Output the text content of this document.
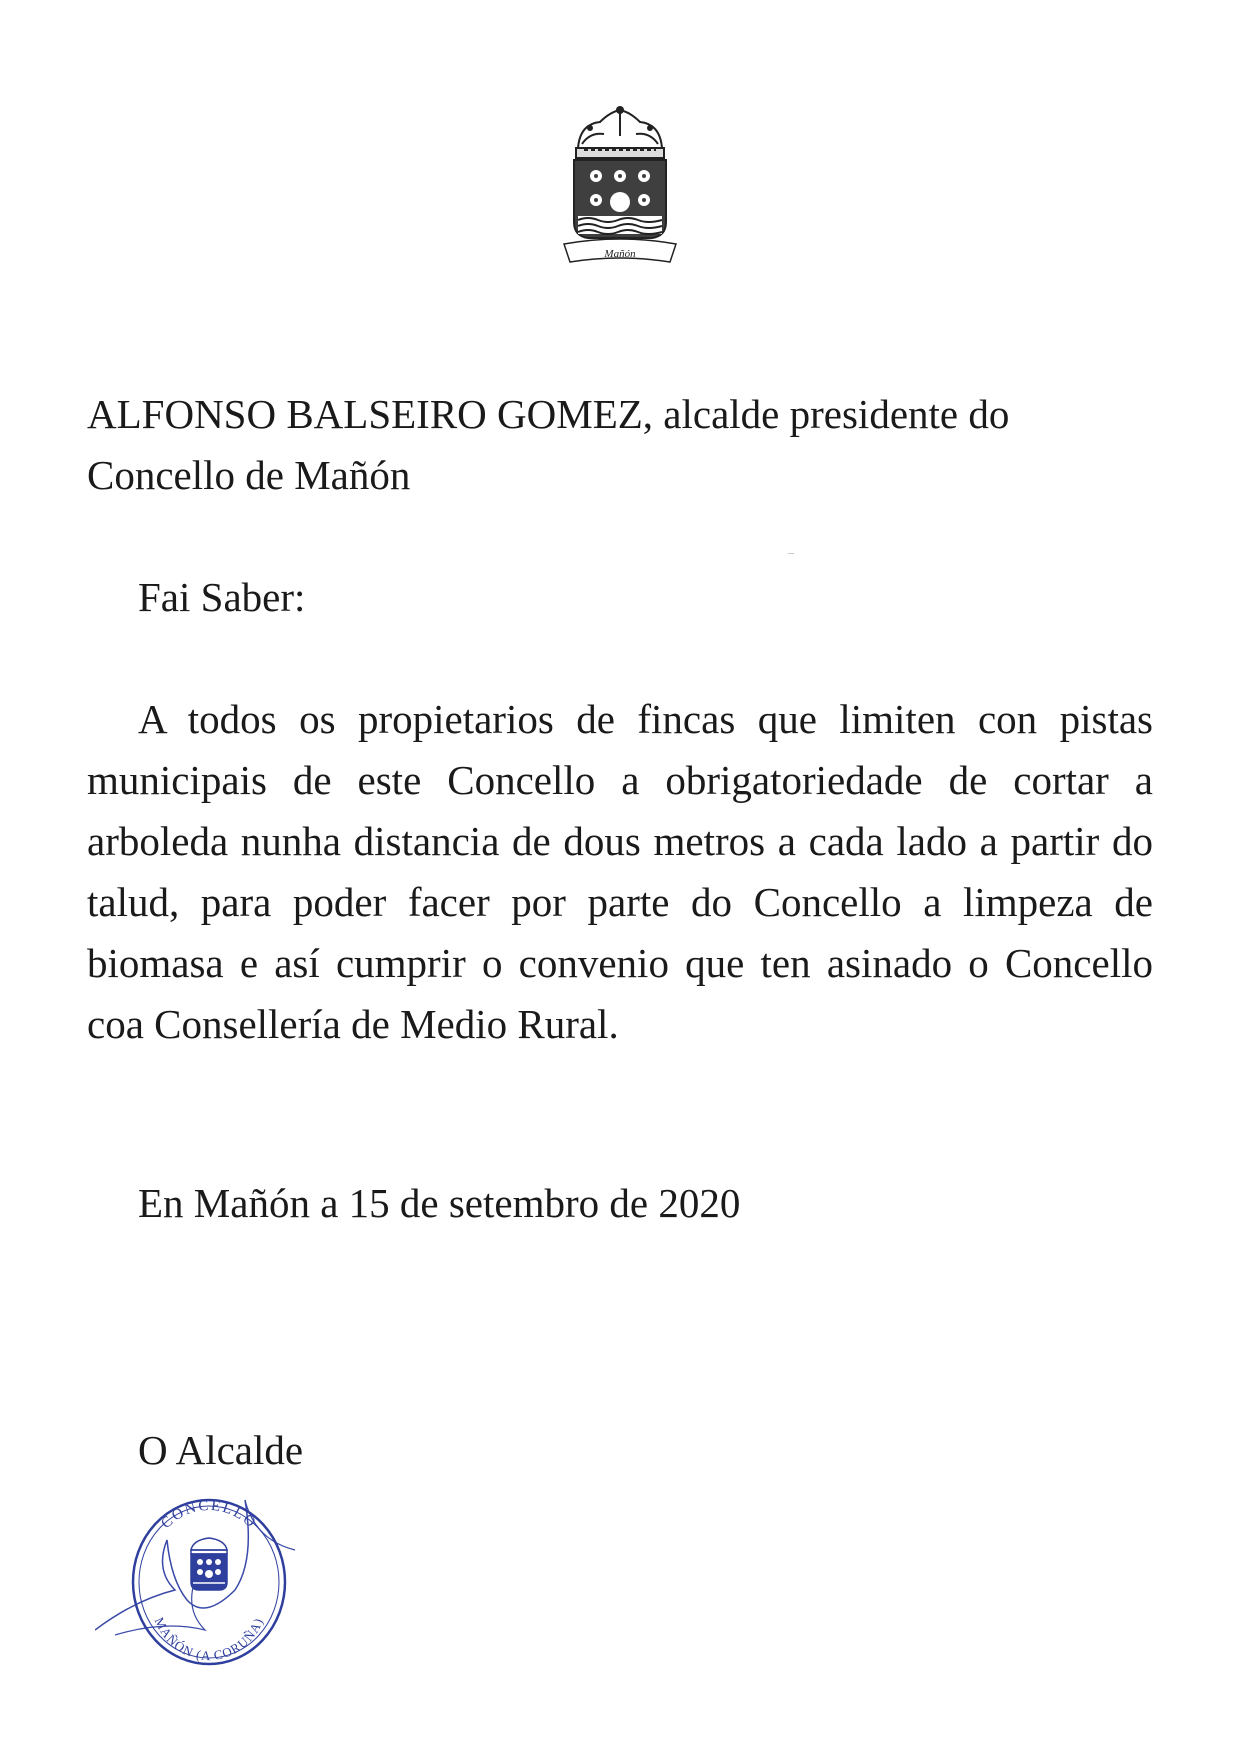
Mañón

ALFONSO BALSEIRO GOMEZ, alcalde presidente do Concello de Mañón

Fai Saber:

A todos os propietarios de fincas que limiten con pistas municipais de este Concello a obrigatoriedade de cortar a arboleda nunha distancia de dous metros a cada lado a partir do talud, para poder facer por parte do Concello a limpeza de biomasa e así cumprir o convenio que ten asinado o Concello coa Consellería de Medio Rural.

En Mañón a 15 de setembro de 2020

O Alcalde

CONCELLO
MAÑÓN (A CORUÑA)
